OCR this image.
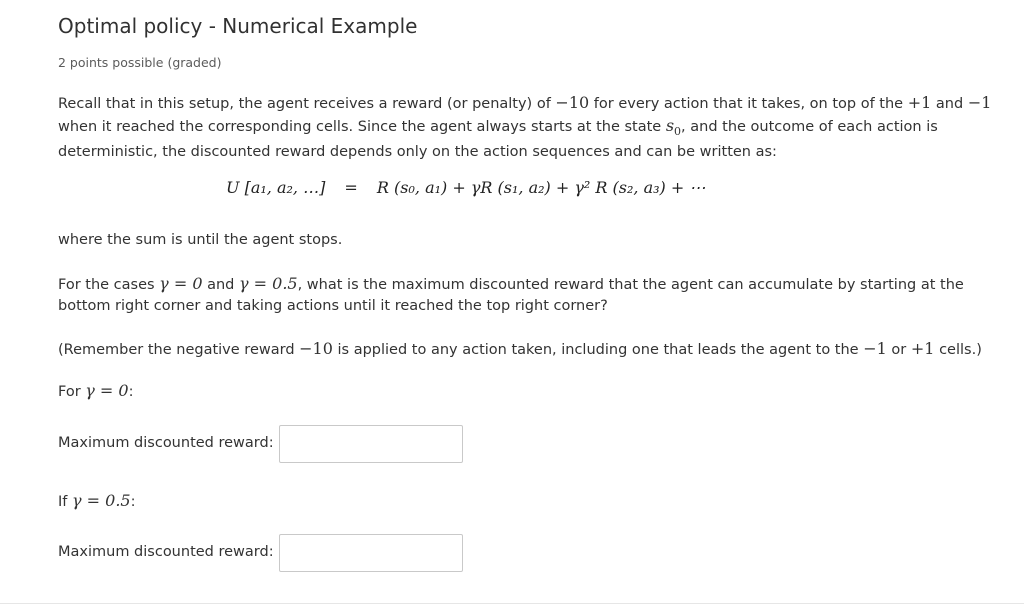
Optimal policy - Numerical Example
2 points possible (graded)
Recall that in this setup, the agent receives a reward (or penalty) of −10 for every action that it takes, on top of the +1 and −1
when it reached the corresponding cells. Since the agent always starts at the state $s_0$, and the outcome of each action is
deterministic, the discounted reward depends only on the action sequences and can be written as:
U [a₁, a₂, …] = R (s₀, a₁) + γR (s₁, a₂) + γ² R (s₂, a₃) + ⋯
where the sum is until the agent stops.
For the cases γ = 0 and γ = 0.5, what is the maximum discounted reward that the agent can accumulate by starting at the
bottom right corner and taking actions until it reached the top right corner?
(Remember the negative reward −10 is applied to any action taken, including one that leads the agent to the −1 or +1 cells.)
For γ = 0:
Maximum discounted reward:
If γ = 0.5:
Maximum discounted reward:
